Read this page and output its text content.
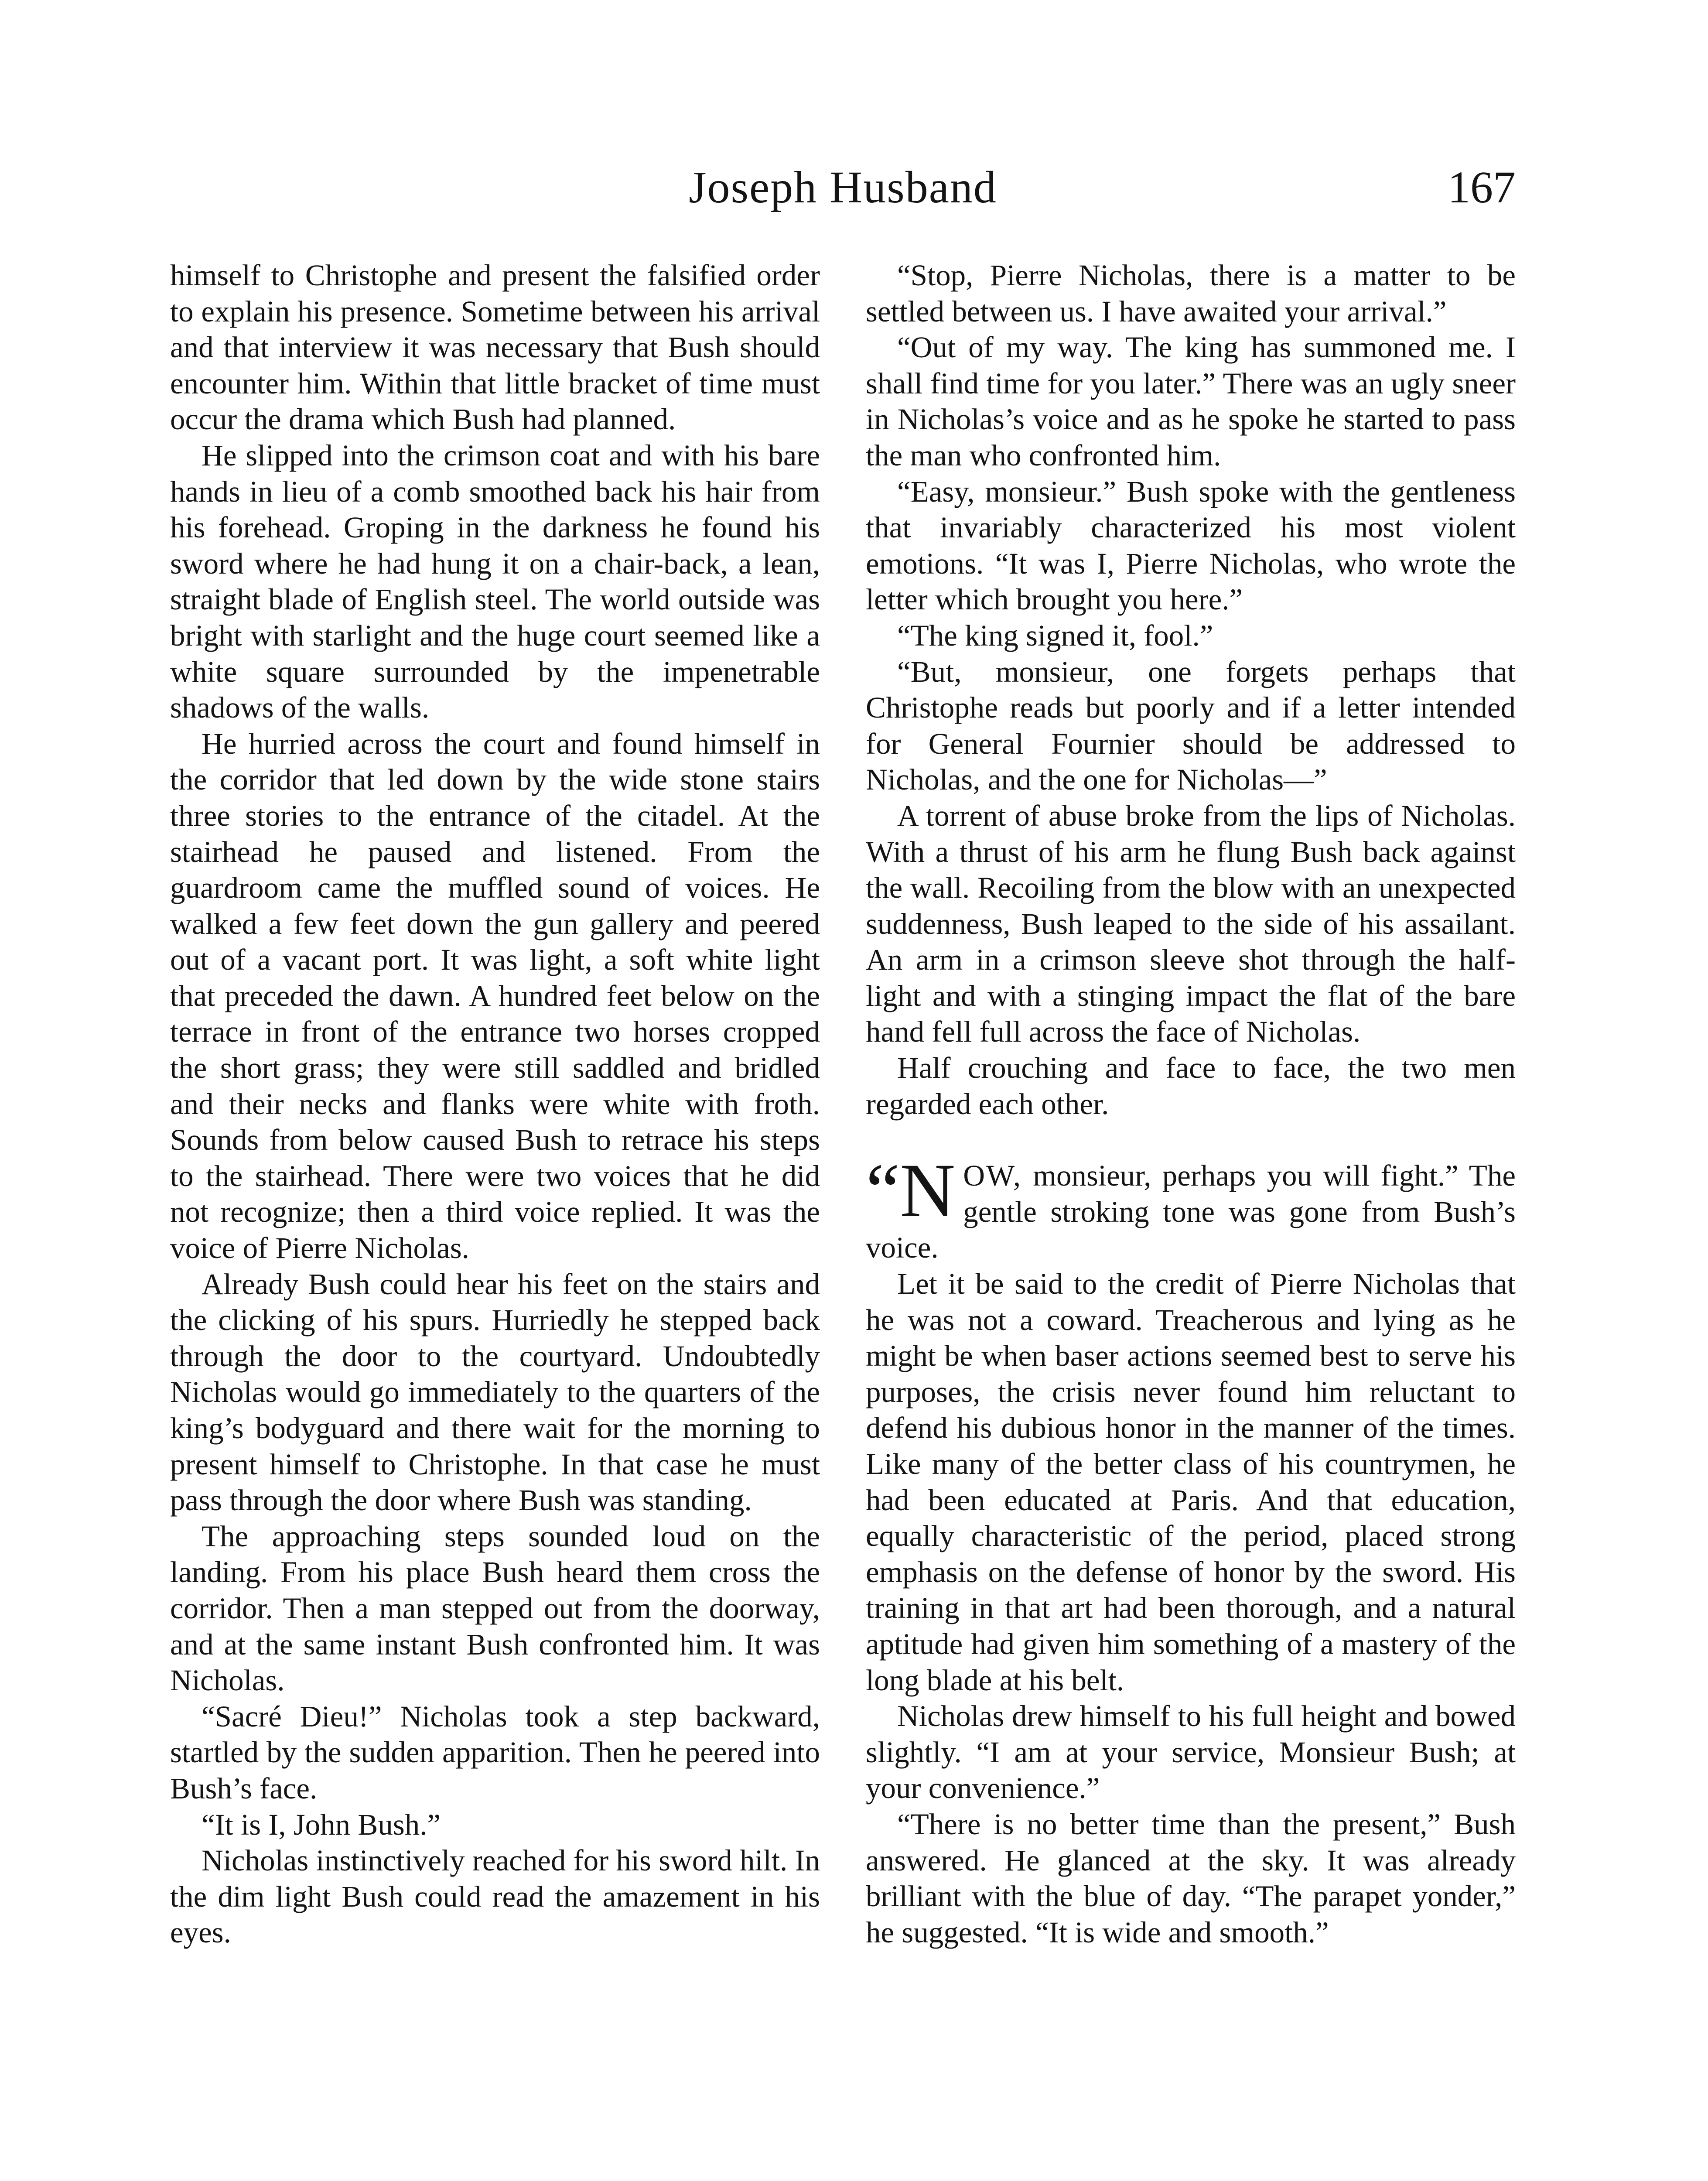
Joseph Husband	167

himself to Christophe and present the falsified order to explain his presence. Sometime between his arrival and that interview it was necessary that Bush should encounter him. Within that little bracket of time must occur the drama which Bush had planned.

He slipped into the crimson coat and with his bare hands in lieu of a comb smoothed back his hair from his forehead. Groping in the darkness he found his sword where he had hung it on a chair-back, a lean, straight blade of English steel. The world outside was bright with starlight and the huge court seemed like a white square surrounded by the impenetrable shadows of the walls.

He hurried across the court and found himself in the corridor that led down by the wide stone stairs three stories to the entrance of the citadel. At the stairhead he paused and listened. From the guardroom came the muffled sound of voices. He walked a few feet down the gun gallery and peered out of a vacant port. It was light, a soft white light that preceded the dawn. A hundred feet below on the terrace in front of the entrance two horses cropped the short grass; they were still saddled and bridled and their necks and flanks were white with froth. Sounds from below caused Bush to retrace his steps to the stairhead. There were two voices that he did not recognize; then a third voice replied. It was the voice of Pierre Nicholas.

Already Bush could hear his feet on the stairs and the clicking of his spurs. Hurriedly he stepped back through the door to the courtyard. Undoubtedly Nicholas would go immediately to the quarters of the king’s bodyguard and there wait for the morning to present himself to Christophe. In that case he must pass through the door where Bush was standing.

The approaching steps sounded loud on the landing. From his place Bush heard them cross the corridor. Then a man stepped out from the doorway, and at the same instant Bush confronted him. It was Nicholas.

“Sacré Dieu!” Nicholas took a step backward, startled by the sudden apparition. Then he peered into Bush’s face.

“It is I, John Bush.”

Nicholas instinctively reached for his sword hilt. In the dim light Bush could read the amazement in his eyes.

“Stop, Pierre Nicholas, there is a matter to be settled between us. I have awaited your arrival.”

“Out of my way. The king has summoned me. I shall find time for you later.” There was an ugly sneer in Nicholas’s voice and as he spoke he started to pass the man who confronted him.

“Easy, monsieur.” Bush spoke with the gentleness that invariably characterized his most violent emotions. “It was I, Pierre Nicholas, who wrote the letter which brought you here.”

“The king signed it, fool.”

“But, monsieur, one forgets perhaps that Christophe reads but poorly and if a letter intended for General Fournier should be addressed to Nicholas, and the one for Nicholas—”

A torrent of abuse broke from the lips of Nicholas. With a thrust of his arm he flung Bush back against the wall. Recoiling from the blow with an unexpected suddenness, Bush leaped to the side of his assailant. An arm in a crimson sleeve shot through the half-light and with a stinging impact the flat of the bare hand fell full across the face of Nicholas.

Half crouching and face to face, the two men regarded each other.

“N OW, monsieur, perhaps you will fight.” The gentle stroking tone was gone from Bush’s voice.

Let it be said to the credit of Pierre Nicholas that he was not a coward. Treacherous and lying as he might be when baser actions seemed best to serve his purposes, the crisis never found him reluctant to defend his dubious honor in the manner of the times. Like many of the better class of his countrymen, he had been educated at Paris. And that education, equally characteristic of the period, placed strong emphasis on the defense of honor by the sword. His training in that art had been thorough, and a natural aptitude had given him something of a mastery of the long blade at his belt.

Nicholas drew himself to his full height and bowed slightly. “I am at your service, Monsieur Bush; at your convenience.”

“There is no better time than the present,” Bush answered. He glanced at the sky. It was already brilliant with the blue of day. “The parapet yonder,” he suggested. “It is wide and smooth.”
